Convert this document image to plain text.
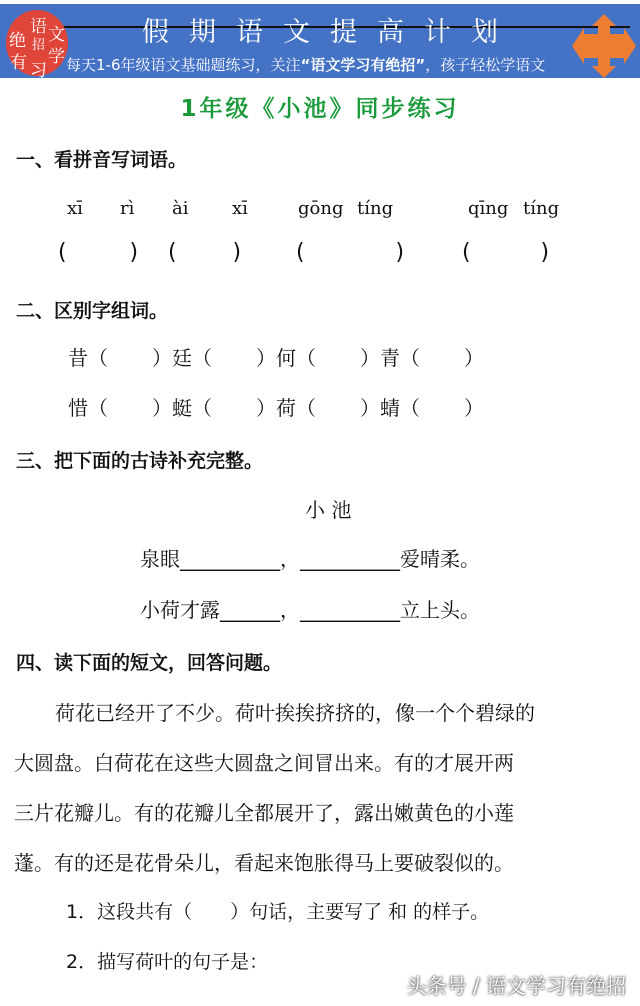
语 文
绝 招
学
有 习
假期语文提高计划
每天1-6年级语文基础题练习，关注“语文学习有绝招”，孩子轻松学语文
1年级《小池》同步练习
一、看拼音写词语。
xī rì ài xī	gōng tíng	qīng tíng
(         ) (        ) (             )	(          )
二、区别字组词。
昔（ ）廷（ ）何（ ）青（ ）
惜（ ）蜓（ ）荷（ ）蜻（ ）
三、把下面的古诗补充完整。
小 池
泉眼__________，__________爱晴柔。
小荷才露______，__________立上头。
四、读下面的短文，回答问题。
荷花已经开了不少。荷叶挨挨挤挤的，像一个个碧绿的
大圆盘。白荷花在这些大圆盘之间冒出来。有的才展开两
三片花瓣儿。有的花瓣儿全都展开了，露出嫩黄色的小莲
蓬。有的还是花骨朵儿，看起来饱胀得马上要破裂似的。
1．这段共有（　　）句话，主要写了 和 的样子。
2．描写荷叶的句子是：
头条号 / 语文学习有绝招
